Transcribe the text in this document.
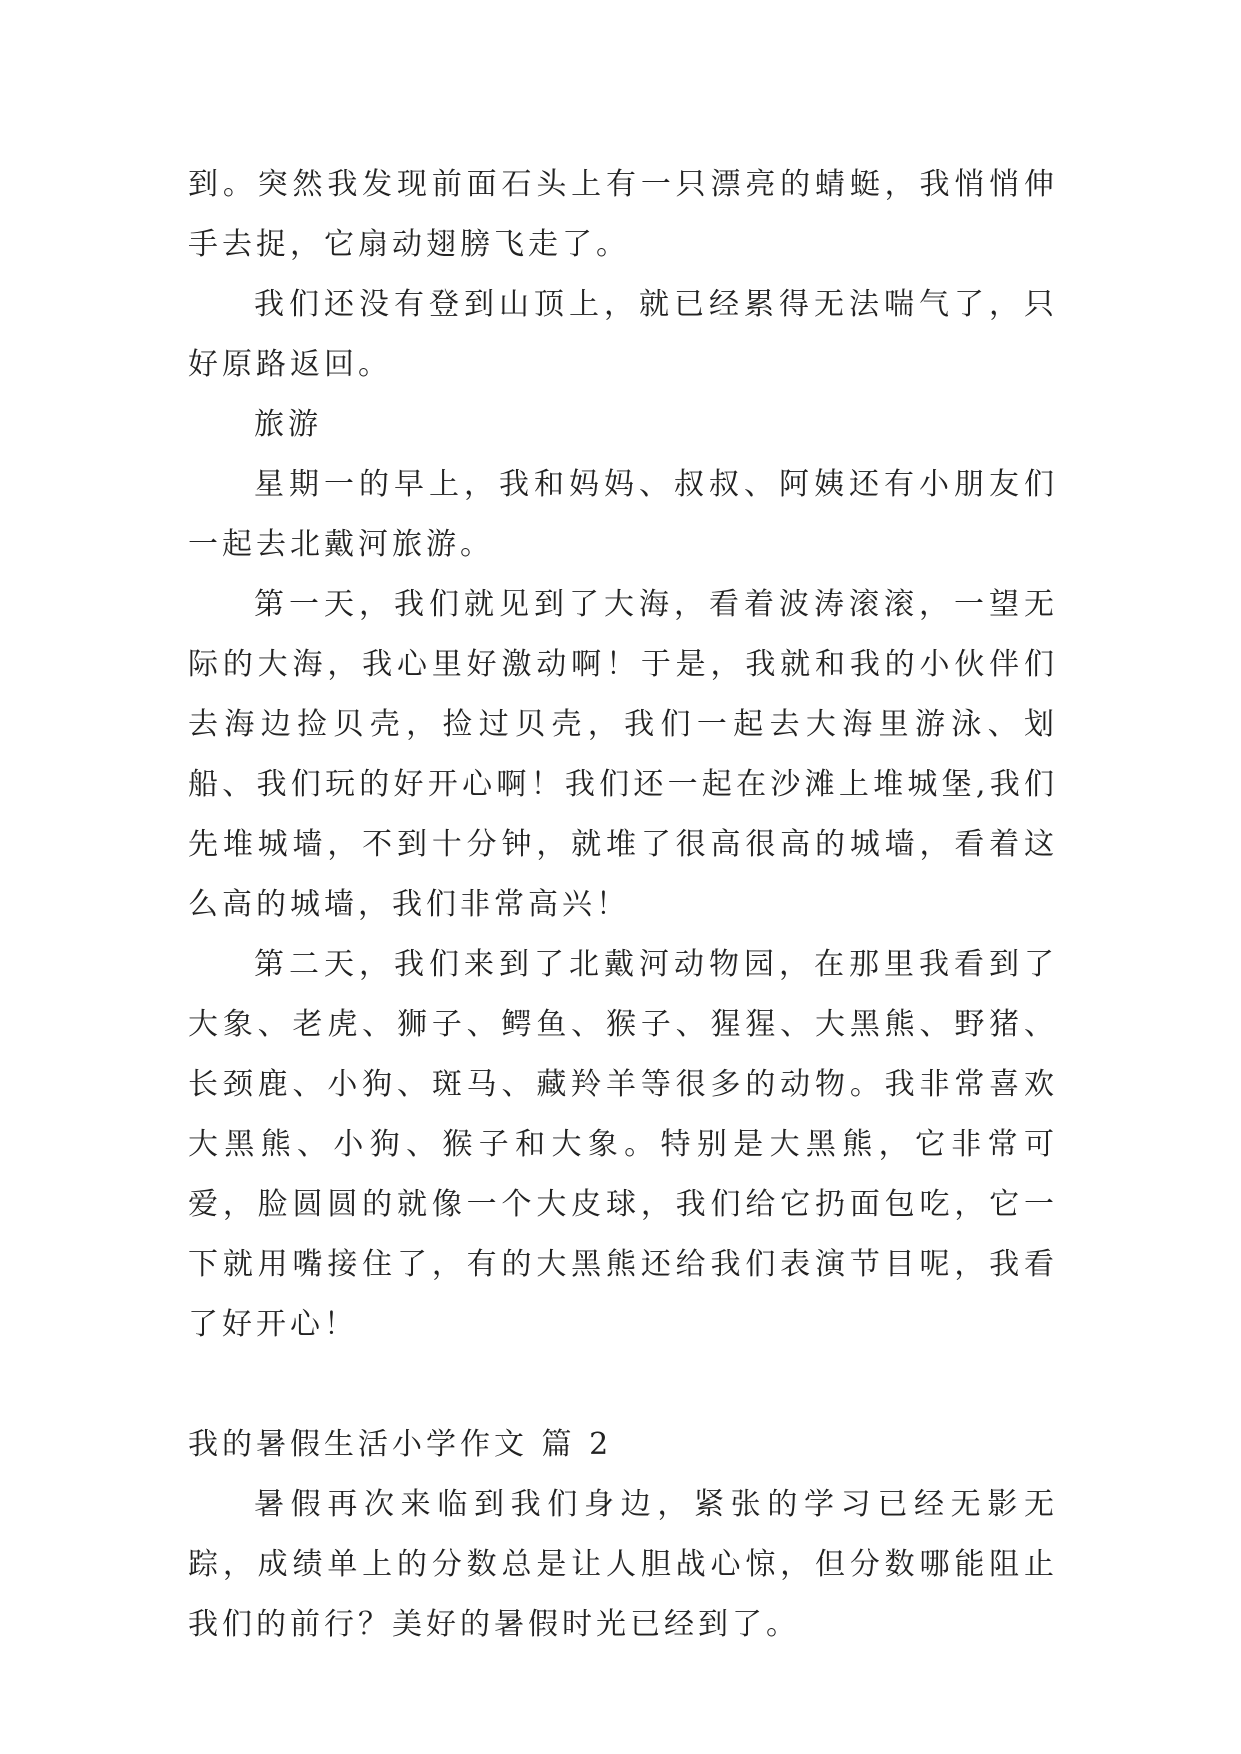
到。突然我发现前面石头上有一只漂亮的蜻蜓，我悄悄伸手去捉，它扇动翅膀飞走了。

我们还没有登到山顶上，就已经累得无法喘气了，只好原路返回。

旅游

星期一的早上，我和妈妈、叔叔、阿姨还有小朋友们一起去北戴河旅游。

第一天，我们就见到了大海，看着波涛滚滚，一望无际的大海，我心里好激动啊！于是，我就和我的小伙伴们去海边捡贝壳，捡过贝壳，我们一起去大海里游泳、划船、我们玩的好开心啊！我们还一起在沙滩上堆城堡,我们先堆城墙，不到十分钟，就堆了很高很高的城墙，看着这么高的城墙，我们非常高兴！

第二天，我们来到了北戴河动物园，在那里我看到了大象、老虎、狮子、鳄鱼、猴子、猩猩、大黑熊、野猪、长颈鹿、小狗、斑马、藏羚羊等很多的动物。我非常喜欢大黑熊、小狗、猴子和大象。特别是大黑熊，它非常可爱，脸圆圆的就像一个大皮球，我们给它扔面包吃，它一下就用嘴接住了，有的大黑熊还给我们表演节目呢，我看了好开心！

我的暑假生活小学作文 篇 2

暑假再次来临到我们身边，紧张的学习已经无影无踪，成绩单上的分数总是让人胆战心惊，但分数哪能阻止我们的前行？美好的暑假时光已经到了。
